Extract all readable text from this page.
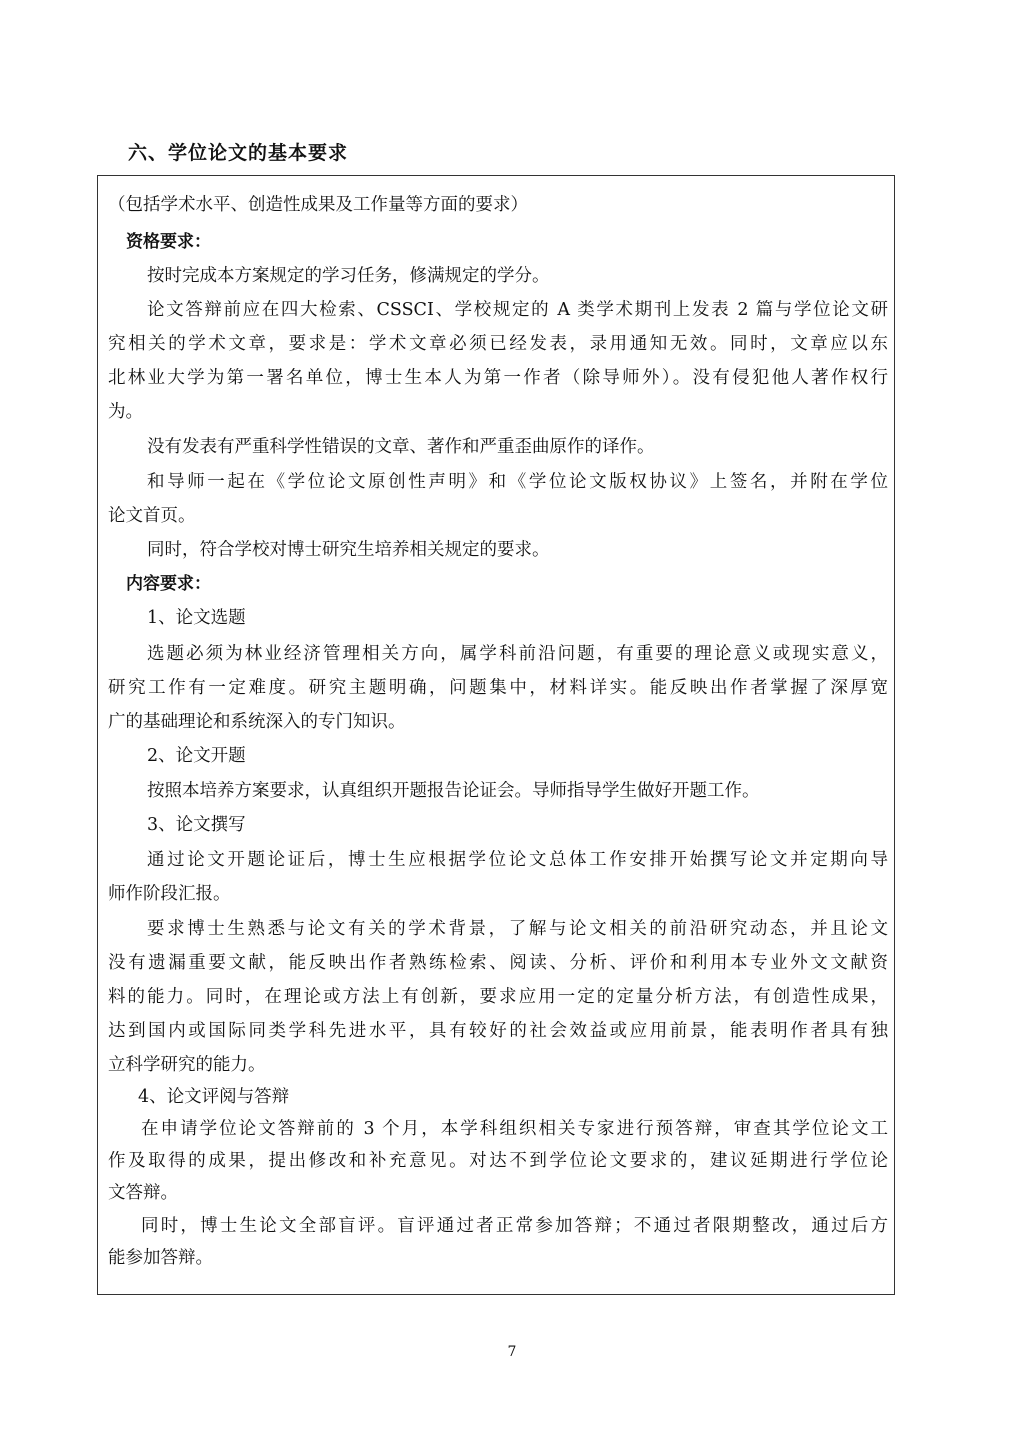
六、学位论文的基本要求
（包括学术水平、创造性成果及工作量等方面的要求）
资格要求：
按时完成本方案规定的学习任务，修满规定的学分。
论文答辩前应在四大检索、CSSCI、学校规定的 A 类学术期刊上发表 2 篇与学位论文研
究相关的学术文章，要求是：学术文章必须已经发表，录用通知无效。同时，文章应以东
北林业大学为第一署名单位，博士生本人为第一作者（除导师外）。没有侵犯他人著作权行
为。
没有发表有严重科学性错误的文章、著作和严重歪曲原作的译作。
和导师一起在《学位论文原创性声明》和《学位论文版权协议》上签名，并附在学位
论文首页。
同时，符合学校对博士研究生培养相关规定的要求。
内容要求：
1、论文选题
选题必须为林业经济管理相关方向，属学科前沿问题，有重要的理论意义或现实意义，
研究工作有一定难度。研究主题明确，问题集中，材料详实。能反映出作者掌握了深厚宽
广的基础理论和系统深入的专门知识。
2、论文开题
按照本培养方案要求，认真组织开题报告论证会。导师指导学生做好开题工作。
3、论文撰写
通过论文开题论证后，博士生应根据学位论文总体工作安排开始撰写论文并定期向导
师作阶段汇报。
要求博士生熟悉与论文有关的学术背景，了解与论文相关的前沿研究动态，并且论文
没有遗漏重要文献，能反映出作者熟练检索、阅读、分析、评价和利用本专业外文文献资
料的能力。同时，在理论或方法上有创新，要求应用一定的定量分析方法，有创造性成果，
达到国内或国际同类学科先进水平，具有较好的社会效益或应用前景，能表明作者具有独
立科学研究的能力。
4、论文评阅与答辩
在申请学位论文答辩前的 3 个月，本学科组织相关专家进行预答辩，审查其学位论文工
作及取得的成果，提出修改和补充意见。对达不到学位论文要求的，建议延期进行学位论
文答辩。
同时，博士生论文全部盲评。盲评通过者正常参加答辩；不通过者限期整改，通过后方
能参加答辩。
7
